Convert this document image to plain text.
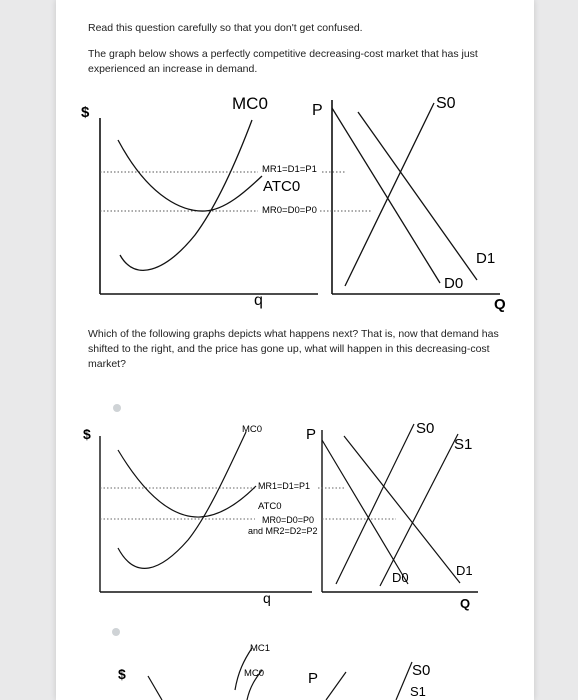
Read this question carefully so that you don't get confused.

The graph below shows a perfectly competitive decreasing-cost market that has just experienced an increase in demand.

$	MC0	P	S0
MR1=D1=P1
ATC0
MR0=D0=P0
D1
D0
q	Q

Which of the following graphs depicts what happens next? That is, now that demand has shifted to the right, and the price has gone up, what will happen in this decreasing-cost market?

$	MC0	P	S0
S1
MR1=D1=P1
ATC0
MR0=D0=P0
and MR2=D2=P2
D1
D0
q	Q
$
MC1
MC0	P	S0
S1
